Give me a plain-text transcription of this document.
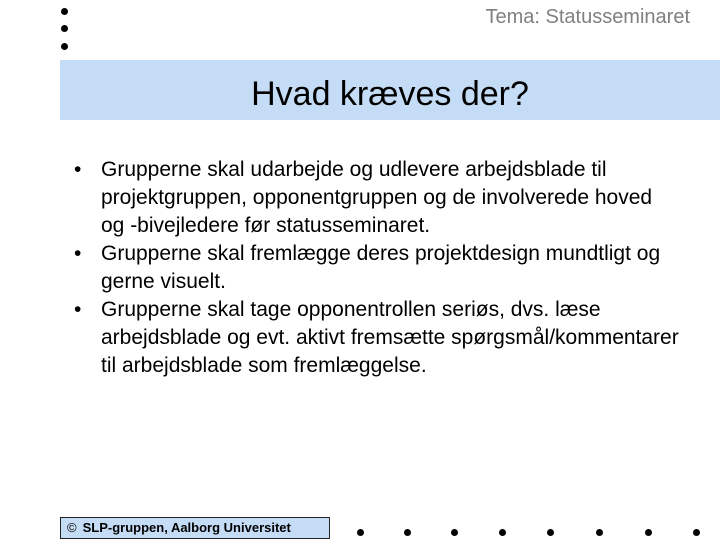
Tema: Statusseminaret
Hvad kræves der?
• Grupperne skal udarbejde og udlevere arbejdsblade til projektgruppen, opponentgruppen og de involverede hoved og -bivejledere før statusseminaret.
• Grupperne skal fremlægge deres projektdesign mundtligt og gerne visuelt.
• Grupperne skal tage opponentrollen seriøs, dvs. læse arbejdsblade og evt. aktivt fremsætte spørgsmål/kommentarer til arbejdsblade som fremlæggelse.
© SLP-gruppen, Aalborg Universitet
